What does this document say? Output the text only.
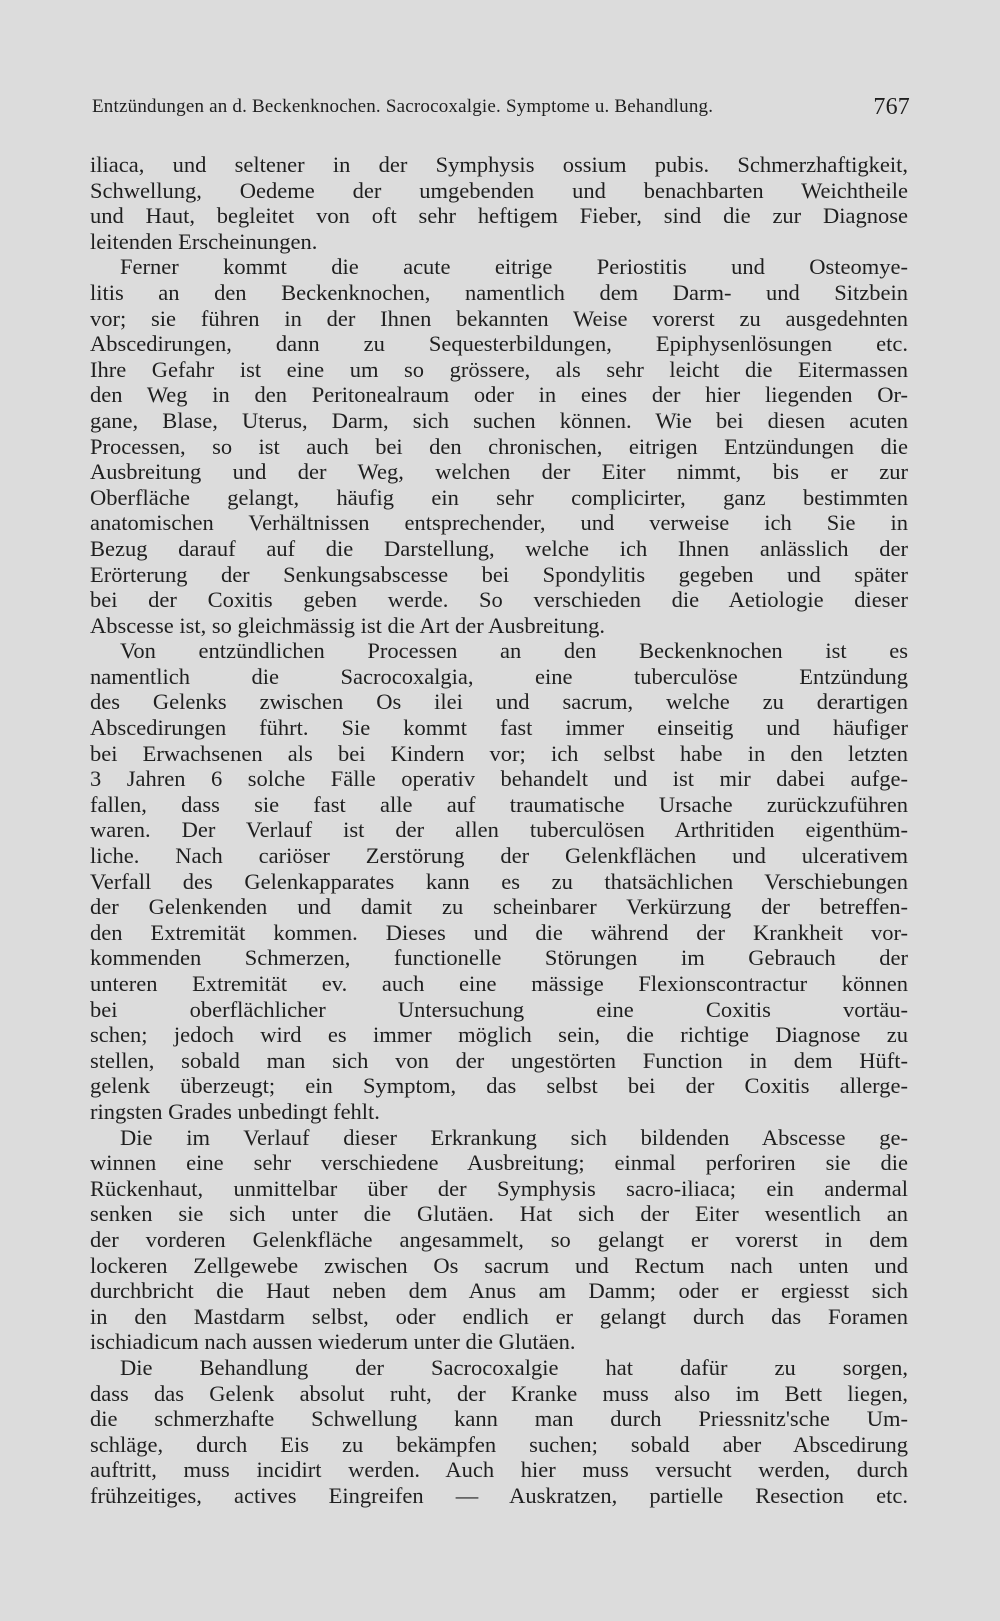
Entzündungen an d. Beckenknochen. Sacrocoxalgie. Symptome u. Behandlung.	767
iliaca, und seltener in der Symphysis ossium pubis. Schmerzhaftigkeit,
Schwellung, Oedeme der umgebenden und benachbarten Weichtheile
und Haut, begleitet von oft sehr heftigem Fieber, sind die zur Diagnose
leitenden Erscheinungen.
Ferner kommt die acute eitrige Periostitis und Osteomye-
litis an den Beckenknochen, namentlich dem Darm- und Sitzbein
vor; sie führen in der Ihnen bekannten Weise vorerst zu ausgedehnten
Abscedirungen, dann zu Sequesterbildungen, Epiphysenlösungen etc.
Ihre Gefahr ist eine um so grössere, als sehr leicht die Eitermassen
den Weg in den Peritonealraum oder in eines der hier liegenden Or-
gane, Blase, Uterus, Darm, sich suchen können. Wie bei diesen acuten
Processen, so ist auch bei den chronischen, eitrigen Entzündungen die
Ausbreitung und der Weg, welchen der Eiter nimmt, bis er zur
Oberfläche gelangt, häufig ein sehr complicirter, ganz bestimmten
anatomischen Verhältnissen entsprechender, und verweise ich Sie in
Bezug darauf auf die Darstellung, welche ich Ihnen anlässlich der
Erörterung der Senkungsabscesse bei Spondylitis gegeben und später
bei der Coxitis geben werde. So verschieden die Aetiologie dieser
Abscesse ist, so gleichmässig ist die Art der Ausbreitung.
Von entzündlichen Processen an den Beckenknochen ist es
namentlich die Sacrocoxalgia, eine tuberculöse Entzündung
des Gelenks zwischen Os ilei und sacrum, welche zu derartigen
Abscedirungen führt. Sie kommt fast immer einseitig und häufiger
bei Erwachsenen als bei Kindern vor; ich selbst habe in den letzten
3 Jahren 6 solche Fälle operativ behandelt und ist mir dabei aufge-
fallen, dass sie fast alle auf traumatische Ursache zurückzuführen
waren. Der Verlauf ist der allen tuberculösen Arthritiden eigenthüm-
liche. Nach cariöser Zerstörung der Gelenkflächen und ulcerativem
Verfall des Gelenkapparates kann es zu thatsächlichen Verschiebungen
der Gelenkenden und damit zu scheinbarer Verkürzung der betreffen-
den Extremität kommen. Dieses und die während der Krankheit vor-
kommenden Schmerzen, functionelle Störungen im Gebrauch der
unteren Extremität ev. auch eine mässige Flexionscontractur können
bei oberflächlicher Untersuchung eine Coxitis vortäu-
schen; jedoch wird es immer möglich sein, die richtige Diagnose zu
stellen, sobald man sich von der ungestörten Function in dem Hüft-
gelenk überzeugt; ein Symptom, das selbst bei der Coxitis allerge-
ringsten Grades unbedingt fehlt.
Die im Verlauf dieser Erkrankung sich bildenden Abscesse ge-
winnen eine sehr verschiedene Ausbreitung; einmal perforiren sie die
Rückenhaut, unmittelbar über der Symphysis sacro-iliaca; ein andermal
senken sie sich unter die Glutäen. Hat sich der Eiter wesentlich an
der vorderen Gelenkfläche angesammelt, so gelangt er vorerst in dem
lockeren Zellgewebe zwischen Os sacrum und Rectum nach unten und
durchbricht die Haut neben dem Anus am Damm; oder er ergiesst sich
in den Mastdarm selbst, oder endlich er gelangt durch das Foramen
ischiadicum nach aussen wiederum unter die Glutäen.
Die Behandlung der Sacrocoxalgie hat dafür zu sorgen,
dass das Gelenk absolut ruht, der Kranke muss also im Bett liegen,
die schmerzhafte Schwellung kann man durch Priessnitz'sche Um-
schläge, durch Eis zu bekämpfen suchen; sobald aber Abscedirung
auftritt, muss incidirt werden. Auch hier muss versucht werden, durch
frühzeitiges, actives Eingreifen — Auskratzen, partielle Resection etc.
